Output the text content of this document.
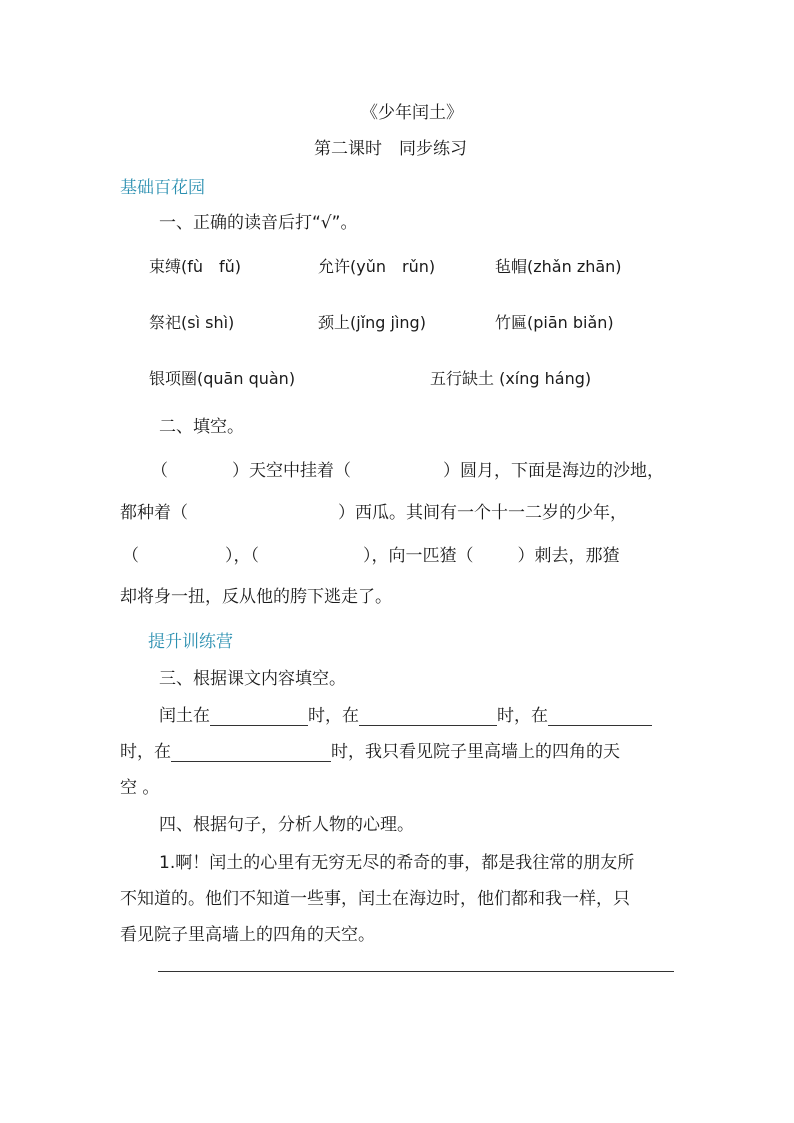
《少年闰土》
第二课时　同步练习
基础百花园
一、正确的读音后打“√”。
束缚(fù　fǔ)	允许(yǔn　rǔn)	毡帽(zhǎn zhān)
祭祀(sì shì)	颈上(jǐng jìng)	竹匾(piān biǎn)
银项圈(quān quàn)	五行缺土 (xíng háng)
二、填空。
（	）天空中挂着（	）圆月，下面是海边的沙地，
都种着（	）西瓜。其间有一个十一二岁的少年，
（	），（	），向一匹猹（	）刺去，那猹
却将身一扭，反从他的胯下逃走了。
提升训练营
三、根据课文内容填空。
闰土在	时，在	时，在
时，在	时，我只看见院子里高墙上的四角的天
空 。
四、根据句子，分析人物的心理。
1.啊！闰土的心里有无穷无尽的希奇的事，都是我往常的朋友所
不知道的。他们不知道一些事，闰土在海边时，他们都和我一样，只
看见院子里高墙上的四角的天空。
